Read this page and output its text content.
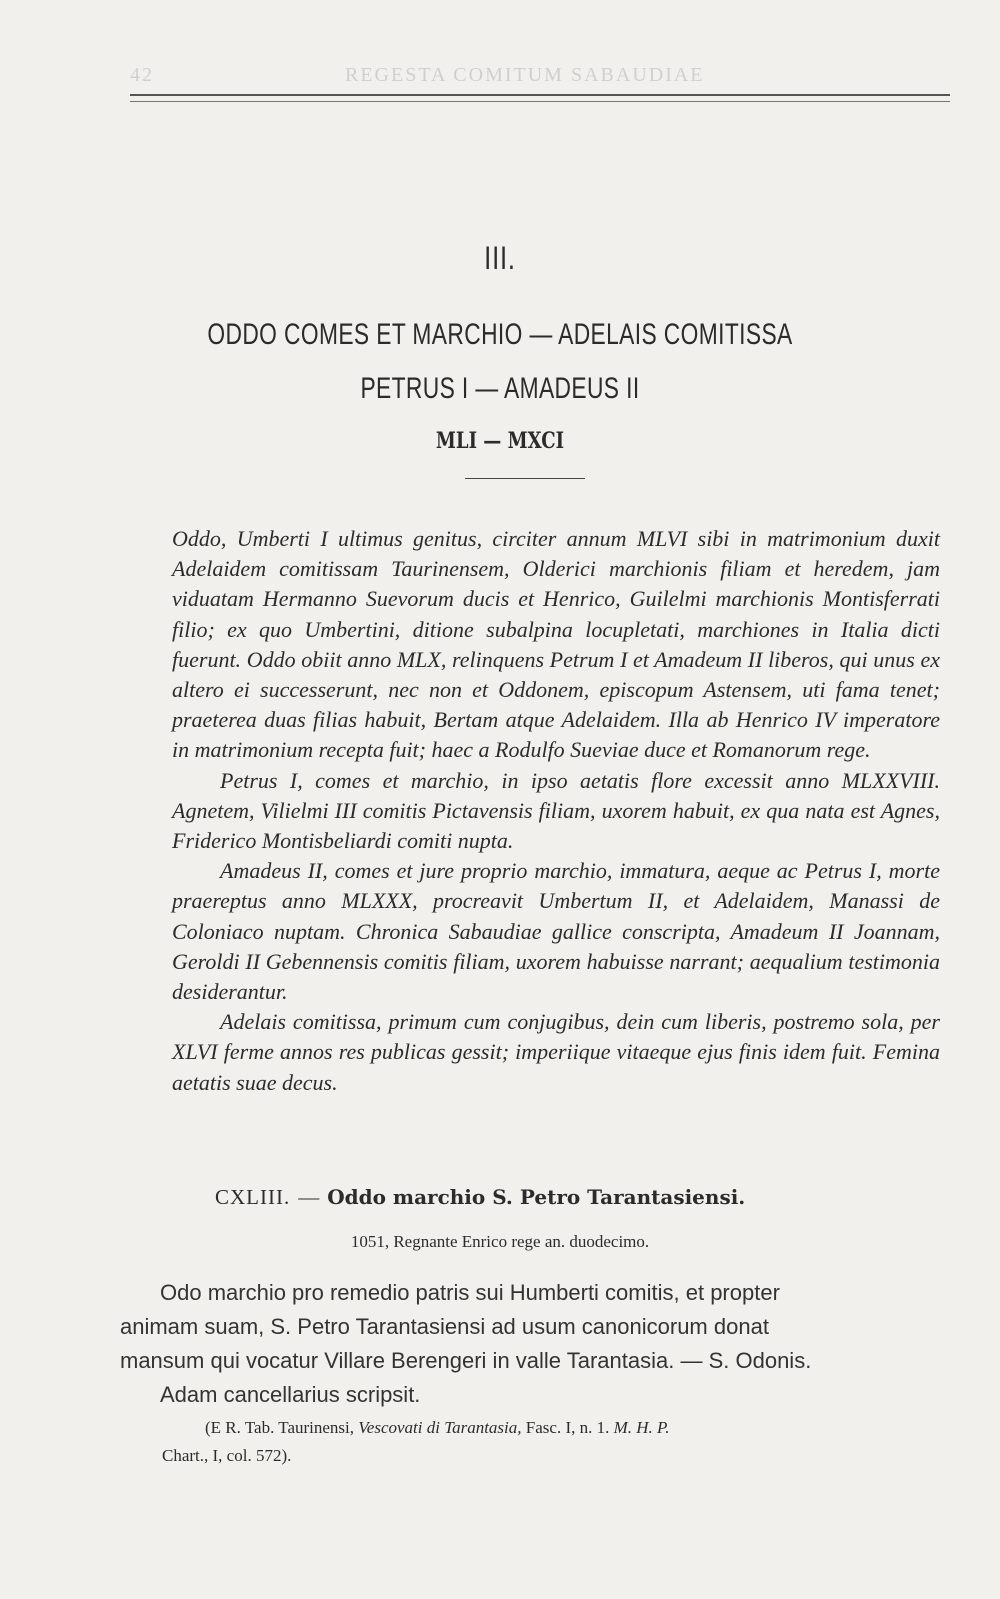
42	REGESTA COMITUM SABAUDIAE
III.
ODDO COMES ET MARCHIO — ADELAIS COMITISSA
PETRUS I — AMADEUS II
MLI — MXCI

Oddo, Umberti I ultimus genitus, circiter annum MLVI sibi in matrimonium duxit Adelaidem comitissam Taurinensem, Olderici marchionis filiam et heredem, jam viduatam Hermanno Suevorum ducis et Henrico, Guilelmi marchionis Montisferrati filio; ex quo Umbertini, ditione subalpina locupletati, marchiones in Italia dicti fuerunt. Oddo obiit anno MLX, relinquens Petrum I et Amadeum II liberos, qui unus ex altero ei successerunt, nec non et Oddonem, episcopum Astensem, uti fama tenet; praeterea duas filias habuit, Bertam atque Adelaidem. Illa ab Henrico IV imperatore in matrimonium recepta fuit; haec a Rodulfo Sueviae duce et Romanorum rege.

Petrus I, comes et marchio, in ipso aetatis flore excessit anno MLXXVIII. Agnetem, Vilielmi III comitis Pictavensis filiam, uxorem habuit, ex qua nata est Agnes, Friderico Montisbeliardi comiti nupta.

Amadeus II, comes et jure proprio marchio, immatura, aeque ac Petrus I, morte praereptus anno MLXXX, procreavit Umbertum II, et Adelaidem, Manassi de Coloniaco nuptam. Chronica Sabaudiae gallice conscripta, Amadeum II Joannam, Geroldi II Gebennensis comitis filiam, uxorem habuisse narrant; aequalium testimonia desiderantur.

Adelais comitissa, primum cum conjugibus, dein cum liberis, postremo sola, per XLVI ferme annos res publicas gessit; imperiique vitaeque ejus finis idem fuit. Femina aetatis suae decus.

CXLIII. — Oddo marchio S. Petro Tarantasiensi.
1051, Regnante Enrico rege an. duodecimo.
Odo marchio pro remedio patris sui Humberti comitis, et propter
animam suam, S. Petro Tarantasiensi ad usum canonicorum donat
mansum qui vocatur Villare Berengeri in valle Tarantasia. — S. Odonis.
Adam cancellarius scripsit.
(E R. Tab. Taurinensi, Vescovati di Tarantasia, Fasc. I, n. 1. M. H. P.
Chart., I, col. 572).
